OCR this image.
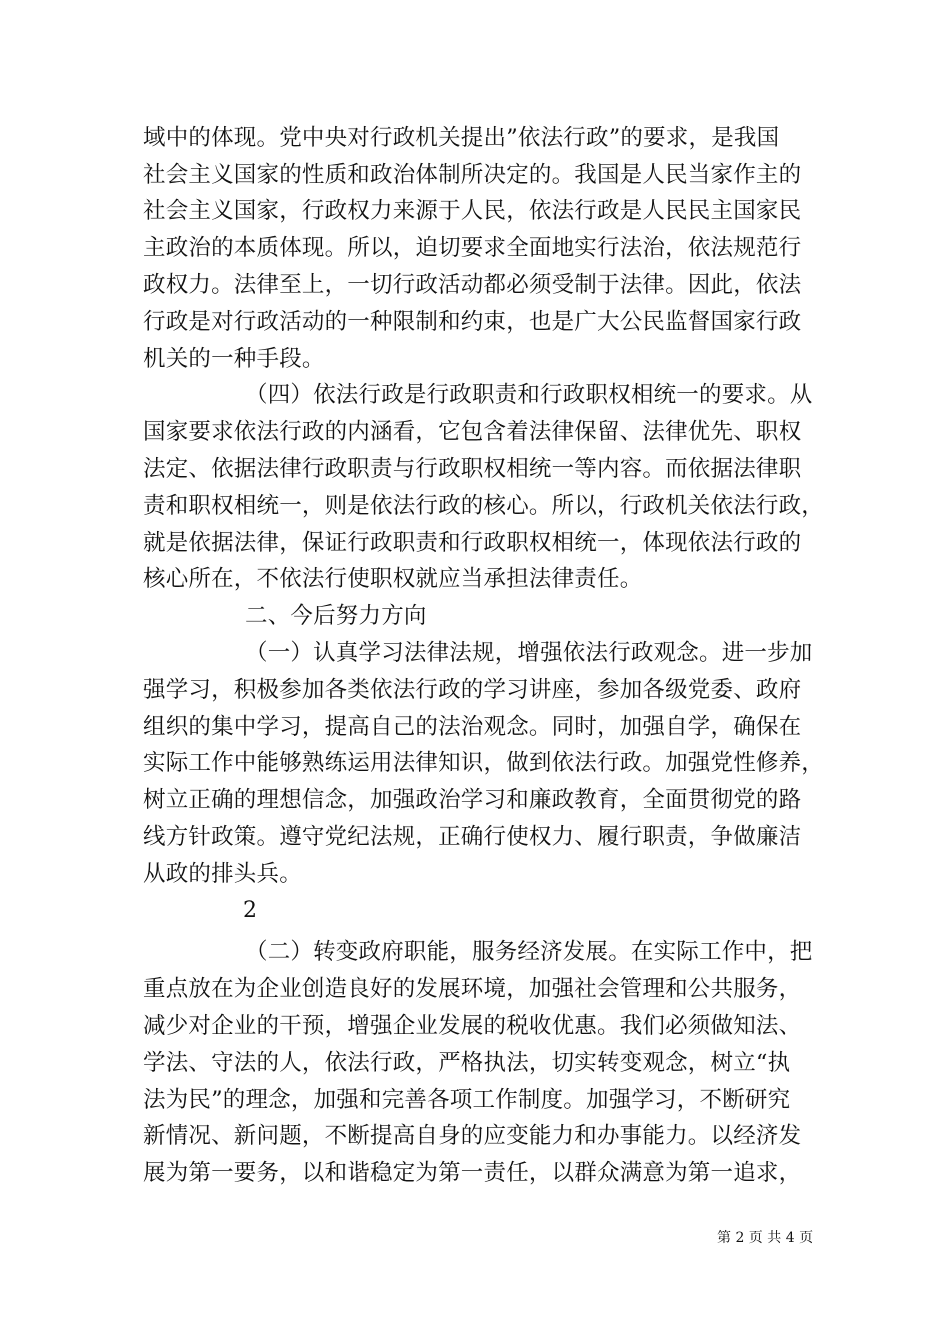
域中的体现。党中央对行政机关提出”依法行政”的要求，是我国
社会主义国家的性质和政治体制所决定的。我国是人民当家作主的
社会主义国家，行政权力来源于人民，依法行政是人民民主国家民
主政治的本质体现。所以，迫切要求全面地实行法治，依法规范行
政权力。法律至上，一切行政活动都必须受制于法律。因此，依法
行政是对行政活动的一种限制和约束，也是广大公民监督国家行政
机关的一种手段。
（四）依法行政是行政职责和行政职权相统一的要求。从
国家要求依法行政的内涵看，它包含着法律保留、法律优先、职权
法定、依据法律行政职责与行政职权相统一等内容。而依据法律职
责和职权相统一，则是依法行政的核心。所以，行政机关依法行政，
就是依据法律，保证行政职责和行政职权相统一，体现依法行政的
核心所在，不依法行使职权就应当承担法律责任。
二、今后努力方向
（一）认真学习法律法规，增强依法行政观念。进一步加
强学习，积极参加各类依法行政的学习讲座，参加各级党委、政府
组织的集中学习，提高自己的法治观念。同时，加强自学，确保在
实际工作中能够熟练运用法律知识，做到依法行政。加强党性修养，
树立正确的理想信念，加强政治学习和廉政教育，全面贯彻党的路
线方针政策。遵守党纪法规，正确行使权力、履行职责，争做廉洁
从政的排头兵。
2
（二）转变政府职能，服务经济发展。在实际工作中，把
重点放在为企业创造良好的发展环境，加强社会管理和公共服务，
减少对企业的干预，增强企业发展的税收优惠。我们必须做知法、
学法、守法的人，依法行政，严格执法，切实转变观念，树立“执
法为民”的理念，加强和完善各项工作制度。加强学习，不断研究
新情况、新问题，不断提高自身的应变能力和办事能力。以经济发
展为第一要务，以和谐稳定为第一责任，以群众满意为第一追求，
第 2 页 共 4 页
